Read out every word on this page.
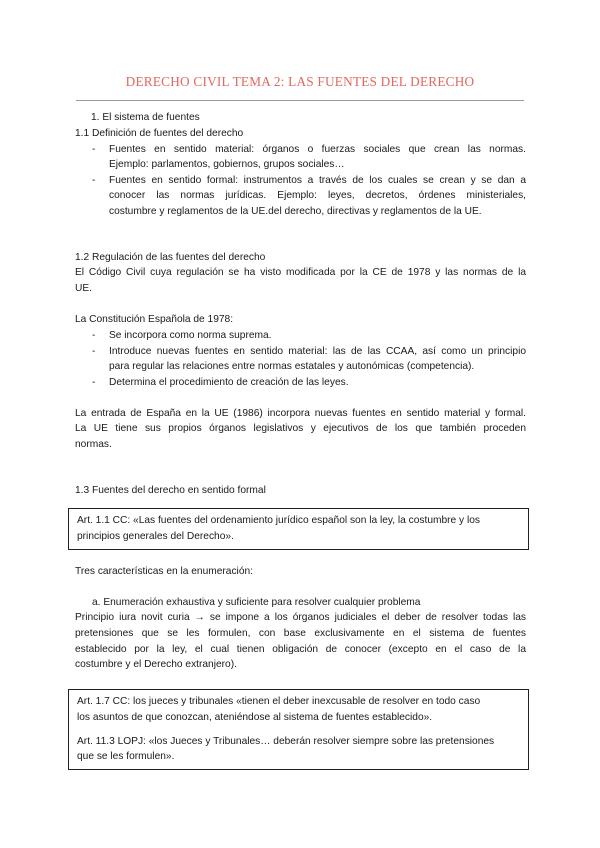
DERECHO CIVIL TEMA 2: LAS FUENTES DEL DERECHO
1. El sistema de fuentes
1.1 Definición de fuentes del derecho
-	Fuentes en sentido material: órganos o fuerzas sociales que crean las normas.
Ejemplo: parlamentos, gobiernos, grupos sociales…
-	Fuentes en sentido formal: instrumentos a través de los cuales se crean y se dan a
conocer las normas jurídicas. Ejemplo: leyes, decretos, órdenes ministeriales,
costumbre y reglamentos de la UE.del derecho, directivas y reglamentos de la UE.
1.2 Regulación de las fuentes del derecho
El Código Civil cuya regulación se ha visto modificada por la CE de 1978 y las normas de la
UE.
La Constitución Española de 1978:
-	Se incorpora como norma suprema.
-	Introduce nuevas fuentes en sentido material: las de las CCAA, así como un principio
para regular las relaciones entre normas estatales y autonómicas (competencia).
-	Determina el procedimiento de creación de las leyes.
La entrada de España en la UE (1986) incorpora nuevas fuentes en sentido material y formal.
La UE tiene sus propios órganos legislativos y ejecutivos de los que también proceden
normas.
1.3 Fuentes del derecho en sentido formal
Art. 1.1 CC: «Las fuentes del ordenamiento jurídico español son la ley, la costumbre y los
principios generales del Derecho».
Tres características en la enumeración:
a. Enumeración exhaustiva y suficiente para resolver cualquier problema
Principio iura novit curia → se impone a los órganos judiciales el deber de resolver todas las
pretensiones que se les formulen, con base exclusivamente en el sistema de fuentes
establecido por la ley, el cual tienen obligación de conocer (excepto en el caso de la
costumbre y el Derecho extranjero).
Art. 1.7 CC: los jueces y tribunales «tienen el deber inexcusable de resolver en todo caso
los asuntos de que conozcan, ateniéndose al sistema de fuentes establecido».
Art. 11.3 LOPJ: «los Jueces y Tribunales… deberán resolver siempre sobre las pretensiones
que se les formulen».
